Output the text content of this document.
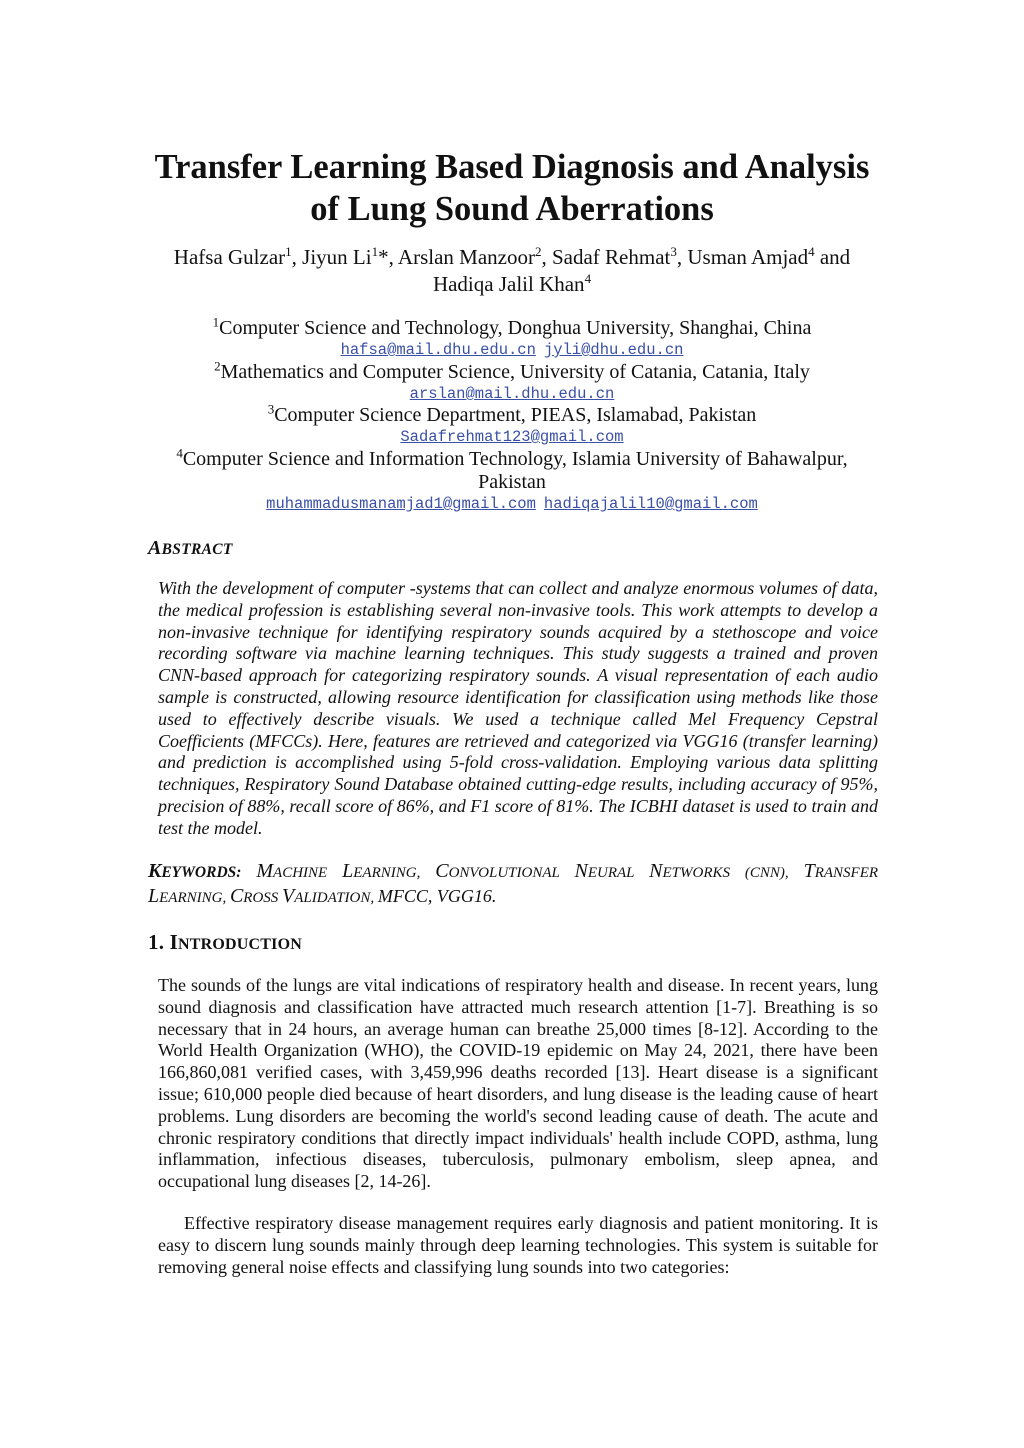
Transfer Learning Based Diagnosis and Analysis
of Lung Sound Aberrations
Hafsa Gulzar$^1$, Jiyun Li$^1$*, Arslan Manzoor$^2$, Sadaf Rehmat$^3$, Usman Amjad$^4$ and
Hadiqa Jalil Khan$^4$
$^1$Computer Science and Technology, Donghua University, Shanghai, China
hafsa@mail.dhu.edu.cn jyli@dhu.edu.cn
$^2$Mathematics and Computer Science, University of Catania, Catania, Italy
arslan@mail.dhu.edu.cn
$^3$Computer Science Department, PIEAS, Islamabad, Pakistan
Sadafrehmat123@gmail.com
$^4$Computer Science and Information Technology, Islamia University of Bahawalpur,
Pakistan
muhammadusmanamjad1@gmail.com hadiqajalil10@gmail.com
ABSTRACT

With the development of computer -systems that can collect and analyze enormous volumes of data, the medical profession is establishing several non-invasive tools. This work attempts to develop a non-invasive technique for identifying respiratory sounds acquired by a stethoscope and voice recording software via machine learning techniques. This study suggests a trained and proven CNN-based approach for categorizing respiratory sounds. A visual representation of each audio sample is constructed, allowing resource identification for classification using methods like those used to effectively describe visuals. We used a technique called Mel Frequency Cepstral Coefficients (MFCCs). Here, features are retrieved and categorized via VGG16 (transfer learning) and prediction is accomplished using 5-fold cross-validation. Employing various data splitting techniques, Respiratory Sound Database obtained cutting-edge results, including accuracy of 95%, precision of 88%, recall score of 86%, and F1 score of 81%. The ICBHI dataset is used to train and test the model.

KEYWORDS: MACHINE LEARNING, CONVOLUTIONAL NEURAL NETWORKS (CNN), TRANSFER LEARNING, CROSS VALIDATION, MFCC, VGG16.

1. INTRODUCTION

The sounds of the lungs are vital indications of respiratory health and disease. In recent years, lung sound diagnosis and classification have attracted much research attention [1-7]. Breathing is so necessary that in 24 hours, an average human can breathe 25,000 times [8-12]. According to the World Health Organization (WHO), the COVID-19 epidemic on May 24, 2021, there have been 166,860,081 verified cases, with 3,459,996 deaths recorded [13]. Heart disease is a significant issue; 610,000 people died because of heart disorders, and lung disease is the leading cause of heart problems. Lung disorders are becoming the world's second leading cause of death. The acute and chronic respiratory conditions that directly impact individuals' health include COPD, asthma, lung inflammation, infectious diseases, tuberculosis, pulmonary embolism, sleep apnea, and occupational lung diseases [2, 14-26].

Effective respiratory disease management requires early diagnosis and patient monitoring. It is easy to discern lung sounds mainly through deep learning technologies. This system is suitable for removing general noise effects and classifying lung sounds into two categories:
